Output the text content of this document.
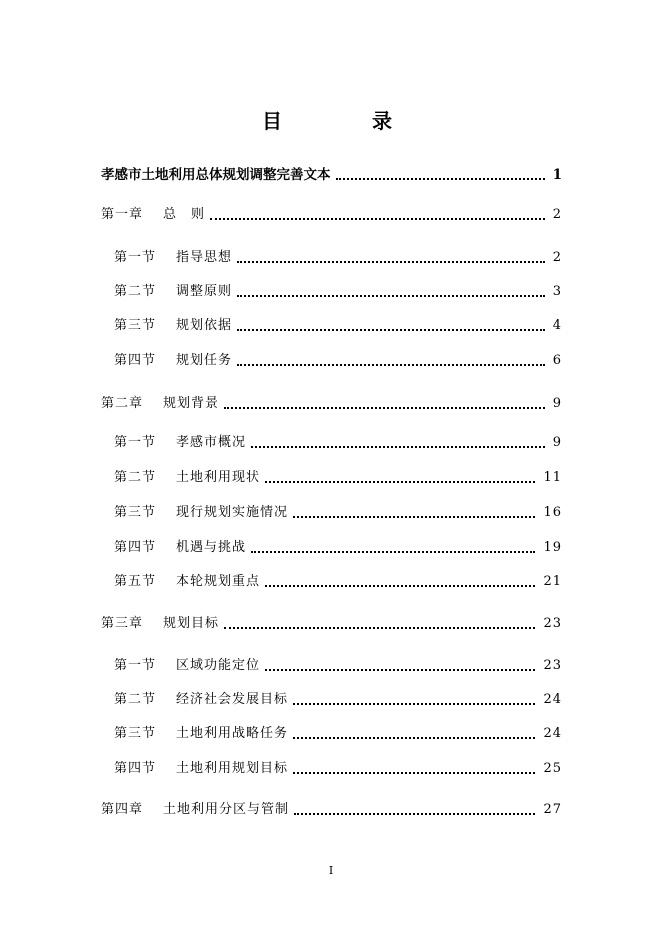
目	录
孝感市土地利用总体规划调整完善文本	1
第一章	总　则	2
第一节	指导思想	2
第二节	调整原则	3
第三节	规划依据	4
第四节	规划任务	6
第二章	规划背景	9
第一节	孝感市概况	9
第二节	土地利用现状	11
第三节	现行规划实施情况	16
第四节	机遇与挑战	19
第五节	本轮规划重点	21
第三章	规划目标	23
第一节	区域功能定位	23
第二节	经济社会发展目标	24
第三节	土地利用战略任务	24
第四节	土地利用规划目标	25
第四章	土地利用分区与管制	27
I
